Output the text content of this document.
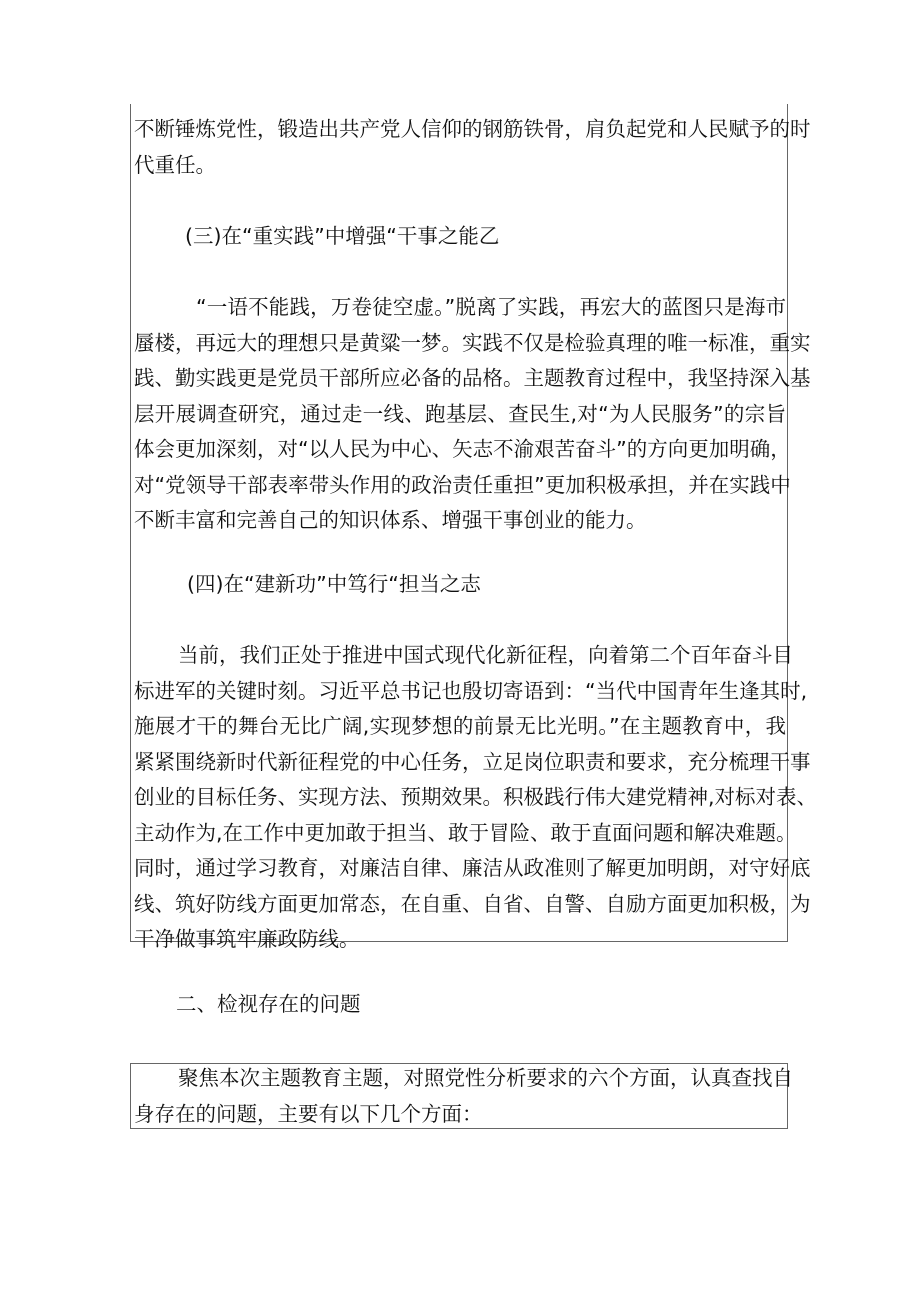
不断锤炼党性，锻造出共产党人信仰的钢筋铁骨，肩负起党和人民赋予的时
代重任。

(三)在“重实践”中增强“干事之能乙

“一语不能践，万卷徒空虚。”脱离了实践，再宏大的蓝图只是海市
蜃楼，再远大的理想只是黄粱一梦。实践不仅是检验真理的唯一标准，重实
践、勤实践更是党员干部所应必备的品格。主题教育过程中，我坚持深入基
层开展调查研究，通过走一线、跑基层、查民生,对“为人民服务”的宗旨
体会更加深刻，对“以人民为中心、矢志不渝艰苦奋斗”的方向更加明确，
对“党领导干部表率带头作用的政治责任重担”更加积极承担，并在实践中
不断丰富和完善自己的知识体系、增强干事创业的能力。

(四)在“建新功”中笃行“担当之志

当前，我们正处于推进中国式现代化新征程，向着第二个百年奋斗目
标进军的关键时刻。习近平总书记也殷切寄语到：“当代中国青年生逢其时,
施展才干的舞台无比广阔,实现梦想的前景无比光明。”在主题教育中，我
紧紧围绕新时代新征程党的中心任务，立足岗位职责和要求，充分梳理干事
创业的目标任务、实现方法、预期效果。积极践行伟大建党精神,对标对表、
主动作为,在工作中更加敢于担当、敢于冒险、敢于直面问题和解决难题。
同时，通过学习教育，对廉洁自律、廉洁从政准则了解更加明朗，对守好底
线、筑好防线方面更加常态，在自重、自省、自警、自励方面更加积极，为
干净做事筑牢廉政防线。

二、检视存在的问题

聚焦本次主题教育主题，对照党性分析要求的六个方面，认真查找自
身存在的问题，主要有以下几个方面：
